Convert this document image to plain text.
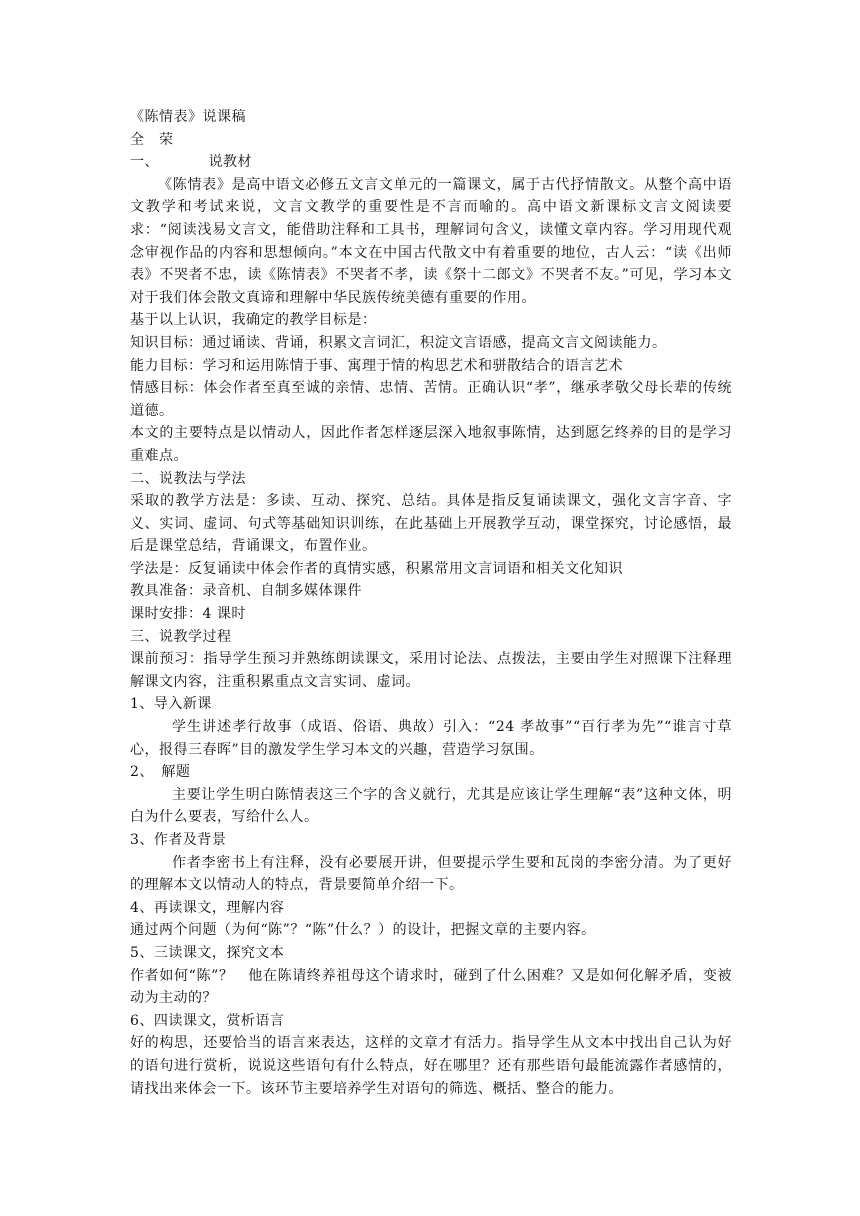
《陈情表》说课稿

全　荣

一、	说教材

《陈情表》是高中语文必修五文言文单元的一篇课文，属于古代抒情散文。从整个高中语文教学和考试来说，文言文教学的重要性是不言而喻的。高中语文新课标文言文阅读要求：“阅读浅易文言文，能借助注释和工具书，理解词句含义，读懂文章内容。学习用现代观念审视作品的内容和思想倾向。”本文在中国古代散文中有着重要的地位，古人云：“读《出师表》不哭者不忠，读《陈情表》不哭者不孝，读《祭十二郎文》不哭者不友。”可见，学习本文对于我们体会散文真谛和理解中华民族传统美德有重要的作用。

基于以上认识，我确定的教学目标是：

知识目标：通过诵读、背诵，积累文言词汇，积淀文言语感，提高文言文阅读能力。

能力目标：学习和运用陈情于事、寓理于情的构思艺术和骈散结合的语言艺术

情感目标：体会作者至真至诚的亲情、忠情、苦情。正确认识“孝”，继承孝敬父母长辈的传统道德。

本文的主要特点是以情动人，因此作者怎样逐层深入地叙事陈情，达到愿乞终养的目的是学习重难点。

二、说教法与学法

采取的教学方法是：多读、互动、探究、总结。具体是指反复诵读课文，强化文言字音、字义、实词、虚词、句式等基础知识训练，在此基础上开展教学互动，课堂探究，讨论感悟，最后是课堂总结，背诵课文，布置作业。

学法是：反复诵读中体会作者的真情实感，积累常用文言词语和相关文化知识

教具准备：录音机、自制多媒体课件

课时安排：4 课时

三、说教学过程

课前预习：指导学生预习并熟练朗读课文，采用讨论法、点拨法，主要由学生对照课下注释理解课文内容，注重积累重点文言实词、虚词。

1、导入新课

学生讲述孝行故事（成语、俗语、典故）引入：“24 孝故事”“百行孝为先”“谁言寸草心，报得三春晖”目的激发学生学习本文的兴趣，营造学习氛围。

2、　解题

主要让学生明白陈情表这三个字的含义就行，尤其是应该让学生理解“表”这种文体，明白为什么要表，写给什么人。

3、作者及背景

作者李密书上有注释，没有必要展开讲，但要提示学生要和瓦岗的李密分清。为了更好的理解本文以情动人的特点，背景要简单介绍一下。

4、再读课文，理解内容

通过两个问题（为何“陈”？“陈”什么？）的设计，把握文章的主要内容。

5、三读课文，探究文本

作者如何“陈”？　他在陈请终养祖母这个请求时，碰到了什么困难？又是如何化解矛盾，变被动为主动的？

6、四读课文，赏析语言

好的构思，还要恰当的语言来表达，这样的文章才有活力。指导学生从文本中找出自己认为好的语句进行赏析，说说这些语句有什么特点，好在哪里？还有那些语句最能流露作者感情的，请找出来体会一下。该环节主要培养学生对语句的筛选、概括、整合的能力。
